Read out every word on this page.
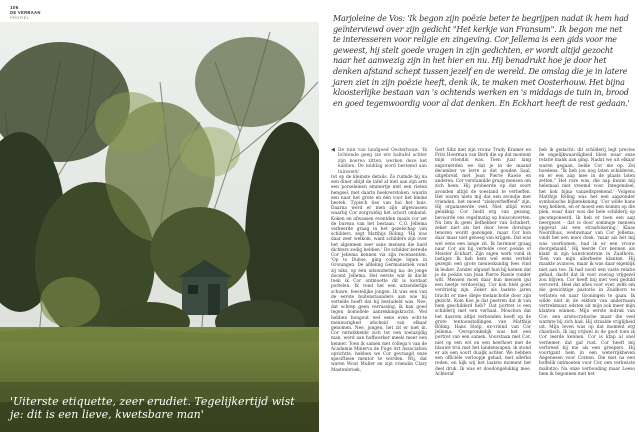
106
DE VERBAAN
PROFIEL

'Uiterste etiquette, zeer erudiet. Tegelijkertijd wist je: dit is een lieve, kwetsbare man'

Marjoleine de Vos: 'Ik begon zijn poëzie beter te begrijpen nadat ik hem had geïnterviewd over zijn gedicht "Het kerkje van Fransum". Ik begon me net te interesseren voor religie en zingeving. Cor Jellema is een gids voor me geweest, hij stelt goede vragen in zijn gedichten, er wordt altijd gezocht naar het aanwezig zijn in het hier en nu. Hij benadrukt hoe je door het denken afstand schept tussen jezelf en de wereld. De omslag die je in latere jaren ziet in zijn poëzie heeft, denk ik, te maken met Oosterhouw. Het bijna kloosterlijke bestaan van 's ochtends werken en 's middags de tuin in, brood en goed tegenwoordig voor al dat denken. En Eckhart heeft de rest gedaan.'

◀ De tuin van landgoed Oosterhouw. 'Ik lichtende geeg (ze ere haltafel achter zijn boerea zitten, werken deze ket kabben. De middag word bestemd aan tuinwerk'

tot op de kleinste details. Zo ruimde hij na een diner altijd de tafel af met aan zijn arm een porseleinen emmertje met een rieten hengsel, met daarin hoekverstoken, waarin een naar het grote en één voor het kleine bestek. Typisch ties van hoi het huis. Daarna werd er men zijn afgewassen waarbij Cor zorgvuldig het schort omhand. Koken en afwassen eventden maals cor zet de bureau van het bestaan.' C.O. Jellema verkeerde graag in het gezelschap van schilders, zegt Matthijs Röling. 'Hij was daar zeer welkom, want schilders zijn over het algemeen zeer sane mensen die hard dichters zodig hebben.' De schilder bereide Cor Jellema kennen via zijn recensenten. 'Op ts Duitse, ging college lopen in Groningen. De afdeling Germanistiek vond zij niks, op één uitzondering na: de jonge docent Jellema. Het eerste wat ik dacht toen ik Cor ontmoette dit is kordaat portelen. Ik vond het een uitzonderlijk schuwe, feestelijke jongen. Ik was een van de eerste buitenstaanders aan wie hij vertelde hoeft dat hij bestudeld was. Nee, dat schrep geen verrassing, ik kan goed tegen homofiele aanrekkingskracht. Wel hebben hongout wel eens even echt-te menwarighed afscheid van elkaar genomen. Nee, jongen, het zit er niet in. Cor ontwikkelde zich tot een toelazijdig man, werd aan hoffwerker meels meer een kenner. Toen ik samen met collega's van de Academie Minerva de Fuge Art Association oprichtte, hebben we Cor gevraagd onze speciftiese mentor te worden. Wij, dat waren Wout Muller en zijn vriendin Clary Mastenbroek,

Gert Sibz met zijn vrouw Trudy Kramer en Fritz Hoerman van Berk die op dat moment mijn vriendin was. Toen juar lang enporeerden we dat je in de maand december ve lerre is dat gouden Saal, uitgebreid met Jean Pierre Rawie en anderen. Cor verstamilde graag mensen om zich heen. Hij probeerde op dat soort avonden altijd de toestand te verheffen. Het waren niets mij dat een avondje met vrienden, het moest "zielsverheffend" zijn. Hij organiseerde veel. Niet altijd even gelukkig. Cor hield erg van gezang, bevoorde ons regelmatig op huisconcerten. Nu ben ik geen liefhebber van Schubert, zeker niet als het door twee dorsings tenoren wordt gezongen, maar Cor kon daar maar niet genoeg van krijgen. Dat was wel eens een lange zit. Ik herinner graag naar Cor als hij vertelde over poëzie of Meister Eckhart. Zijn eigen werk vond ik lastiger. Ik heb hem wel eens verteld gezegd: een grote nieuwskundig fees vind ik leuker. Zonder afgunst hun bij komen dat je de poëzie van Jean Pierre Rawie ronder wilt. Mensen moet daar hun mensen gul een beetje verdoeving. Cor kon hèèl goed verdrietig zijn. Zeker als laatste jaren bracht er mee diepe melancholie door zijn gezicht. Kom Koe je dat poetren dat ik van hem geschilderd heb?' Dat portret is een schilderij met een verhaal. Mouchon dat het daarom altijd verbonden heeft op de grote tentoonstellingen van Matthijs Röling. Hans Stolp, ex-vriend van Cor Jellema: 'Oorspronkelijk was het een portret van een samen. Voorstaan met Cor, niet op een wit en een heerhoet met de blauwe trui met het landenwapen, ik stond er als een soort dualjk achter. We hebben een officiële verloopje gehad, met allerlei reden, en kijk wij het laatste moment het deel druk. Ik was er doodongelukkig mee. Achteraf

heb ik gedacht: dit schilderij legt precies de ongelijkwaardigheid bloot waar onze relatie mank aan ging. Nadat we uit elkaar waren gegaan, belde Cor me op. Zei hoedens: "Ik heb jou nog laten schilderen, en er een aap mee in de plaats laten zetten." Het rare was, die aap kwam mij helemaal niet vreemd voor. Integendeel, het kok bijna vanzelfsprekend.' Volgens Matthijs Röling was het een aapzonder symbolische bijbetekening. 'Cor wilde hans weg hebben, en er moest een komen op die plek, waar daar was die hele schilderij op gecomponeerd. Ik heb er toen een aap neergezet - dat is door sommige mensen opgevat als een straafolsering.' Klaas Noordhuis, weduwnaar van Cor Jellema, vindt het een mooi doek. 'maar als het mij was voorkomen, had ik er een vrouw doorgehaald.' Hij leerde Cor kennen als klant in zijn kunstcentrum in Zuidhorn. 'Een van mijn allerbeste klanten. Hij maakte avances, maar ik was daar eigenlijk niet aan toe. Ik had nooit een vaste relatie gehad, dacht dat ik voor zowiog vrijgezel zou blijven. Cor heeft mij met veel geduld veroverd. Heel dat afles voor over, zelfs om die gewichtige pastorie in Zuidhorn te verlaten en naar Groningen te gaan. Ik wilde niet in de eikfom van andermaan vertrekmuur. edsten uit mijn ook meer mijn klanten winnen. Mijn eerste indruk van Cor: een aristocratische maar die veel warmte bij zich had. Hij straalde vriglijheid uit. Mijn leven was op dat moment erg chaotisch. Ik lag vrijwel in de goot toen ik Cor leerde kennen. Cor is ktap al snel vernemer, dat gaf rust. Cor heeft mij verbreed bij me als een groepers. Hij voortgant hem in een weterrijkheven Aegenesen voor Cornen. Die met na een hoffelik ontmoeten voor Cor, een verkwiste mallutzo. Na onze verhouding maar Leeso hem ik begonnen met het
